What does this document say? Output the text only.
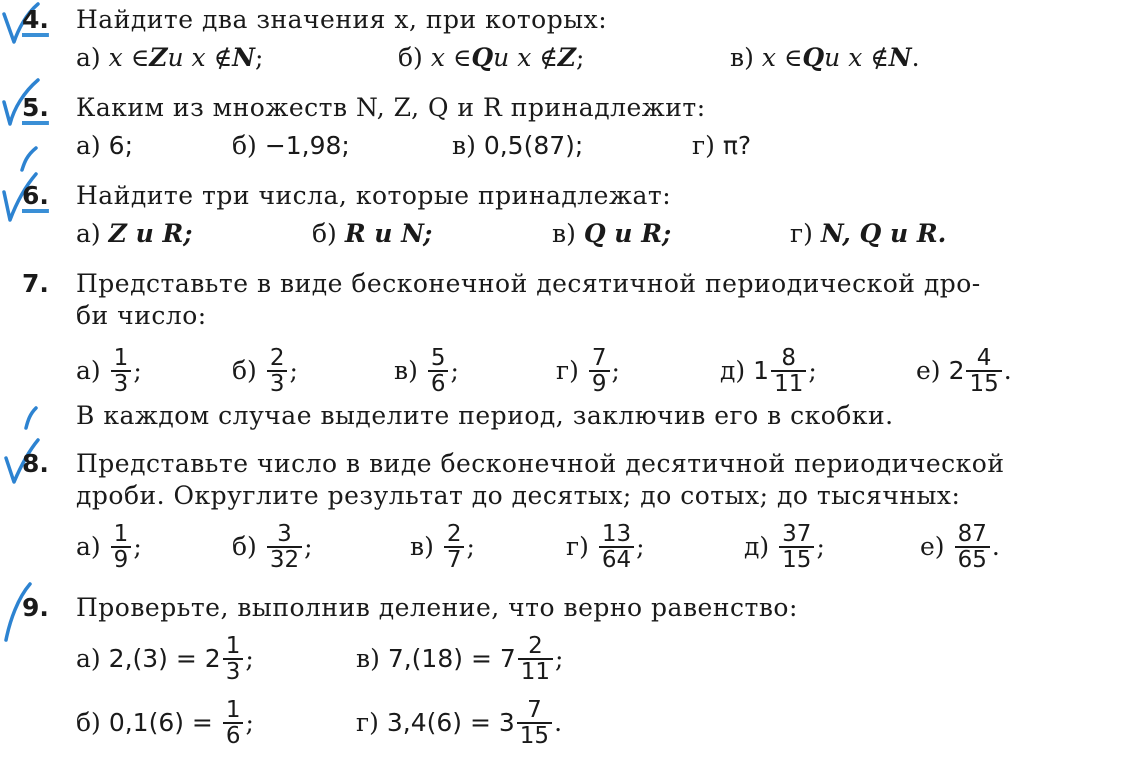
4.	Найдите два значения x, при которых:
а) x ∈ Z и x ∉ N ;	б) x ∈ Q и x ∉ Z ;	в) x ∈ Q и x ∉ N .
5.	Каким из множеств N, Z, Q и R принадлежит:
а) 6;	б) −1,98;	в) 0,5(87);	г) π?
6.	Найдите три числа, которые принадлежат:
а) Z и R;	б) R и N;	в) Q и R;	г) N, Q и R.
7.	Представьте в виде бесконечной десятичной периодической дро-
би число:
$а) \frac{1}{3}$ ;	$б) \frac{2}{3}$ ;	$в) \frac{5}{6}$ ;	$г) \frac{7}{9}$ ;	д) $1 \frac{8}{11}$ ;	е) $2 \frac{4}{15}$ .
В каждом случае выделите период, заключив его в скобки.
8.	Представьте число в виде бесконечной десятичной периодической
дроби. Округлите результат до десятых; до сотых; до тысячных:
$а) \frac{1}{9}$ ;	$б) \frac{3}{32}$ ;	$в) \frac{2}{7}$ ;	$г) \frac{13}{64}$ ;	$д) \frac{37}{15}$ ;	$е) \frac{87}{65}$ .
9.	Проверьте, выполнив деление, что верно равенство:
а) $2,(3) = 2 \frac{1}{3}$ ;	в) $7,(18) = 7 \frac{2}{11}$ ;
б) $0,1(6) = \frac{1}{6}$ ;	г) $3,4(6) = 3 \frac{7}{15}$ .
